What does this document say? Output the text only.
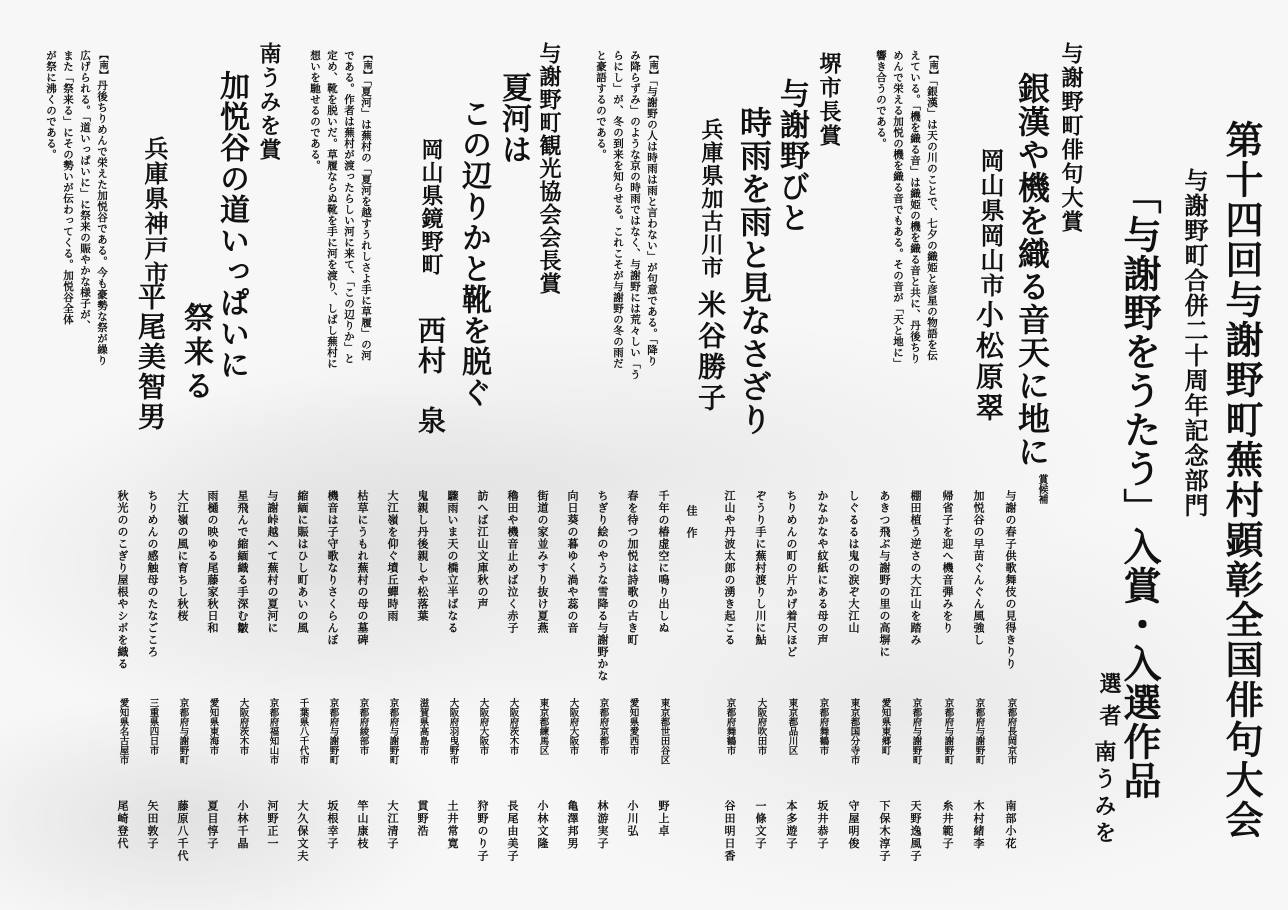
第十四回与謝野町蕪村顕彰全国俳句大会
与謝野町合併二十周年記念部門
「与謝野をうたう」入賞・入選作品
選者
南うみを
与謝野町俳句大賞
銀漢や機を織る音天に地に
岡山県岡山市
小松原翠
【南】「銀漢」は天の川のことで、七夕の織姫と彦星の物語を伝
えている。「機を織る音」は織姫の機を織る音と共に、丹後ちり
めんで栄える加悦の機を織る音でもある。その音が「天と地に」
響き合うのである。
堺市長賞
与謝野びと
時雨を雨と見なさざり
兵庫県加古川市
米谷勝子
【南】「与謝野の人は時雨は雨と言わない」が句意である。「降り
み降らずみ」のような京の時雨ではなく、与謝野には荒々しい「う
らにし」が、冬の到来を知らせる。これこそが与謝野の冬の雨だ
と豪語するのである。
与謝野町観光協会会長賞
夏河は
この辺りかと靴を脱ぐ
岡山県鏡野町
西村　泉
【南】「夏河」は蕪村の「夏河を越すうれしさよ手に草履」の河
である。作者は蕪村が渡ったらしい河に来て、「この辺りか」と
定め、靴を脱いだ。草履ならぬ靴を手に河を渡り、しばし蕪村に
想いを馳せるのである。
南うみを賞
加悦谷の道いっぱいに
祭来る
兵庫県神戸市
平尾美智男
【南】丹後ちりめんで栄えた加悦谷である。今も豪勢な祭が繰り
広げられる。「道いっぱいに」に祭来の賑やかな様子が、
また「祭来る」にその勢いが伝わってくる。加悦谷全体
が祭に沸くのである。
賞候補
佳　作	与謝の春子供歌舞伎の見得きりり
京都府長岡京市
南部小花
加悦谷の早苗ぐんぐん風強し
京都府与謝野町
木村緒李
帰省子を迎へ機音弾みをり
京都府与謝野町
糸井範子
棚田植う逆さの大江山を踏み
京都府与謝野町
天野逸風子
あきつ飛ぶ与謝野の里の高塀に
愛知県東郷町
下保木淳子
しぐるるは鬼の涙ぞ大江山
東京都国分寺市
守屋明俊
かなかなや紋紙にある母の声
京都府舞鶴市
坂井恭子
ちりめんの町の片かげ着尺ほど
東京都品川区
本多遊子
ぞうり手に蕪村渡りし川に鮎
大阪府吹田市
一條文子
江山や丹波太郎の湧き起こる
京都府舞鶴市
谷田明日香
千年の椿虚空に鳴り出しぬ
東京都世田谷区
野上卓
春を待つ加悦は詩歌の古き町
愛知県愛西市
小川弘
ちぎり絵のやうな雪降る与謝野かな
京都府京都市
林游実子
向日葵の暮ゆく渦や蕊の音
大阪府大阪市
亀澤邦男
街道の家並みすり抜け夏燕
東京都練馬区
小林文隆
穭田や機音止めば泣く赤子
大阪府茨木市
長尾由美子
訪へば江山文庫秋の声
大阪府大阪市
狩野のり子
驟雨いま天の橋立半ばなる
大阪府羽曳野市
土井常寛
鬼親し丹後親しや松落葉
滋賀県高島市
貫野浩
大江嶺を仰ぐ墳丘蟬時雨
京都府与謝野町
大江清子
枯草にうもれ蕪村の母の墓碑
京都府綾部市
竿山康枝
機音は子守歌なりさくらんぼ
京都府与謝野町
坂根幸子
縮緬に賑はひし町あいの風
千葉県八千代市
大久保文夫
与謝峠越へて蕪村の夏河に
京都府福知山市
河野正一
星飛んで縮緬織る手深む皺
大阪府茨木市
小林千晶
雨樋の映ゆる尾藤家秋日和
愛知県東海市
夏目惇子
大江嶺の風に育ちし秋桜
京都府与謝野町
藤原八千代
ちりめんの感触母のたなごころ
三重県四日市
矢田敦子
秋光ののこぎり屋根やシボを織る
愛知県名古屋市
尾崎登代
